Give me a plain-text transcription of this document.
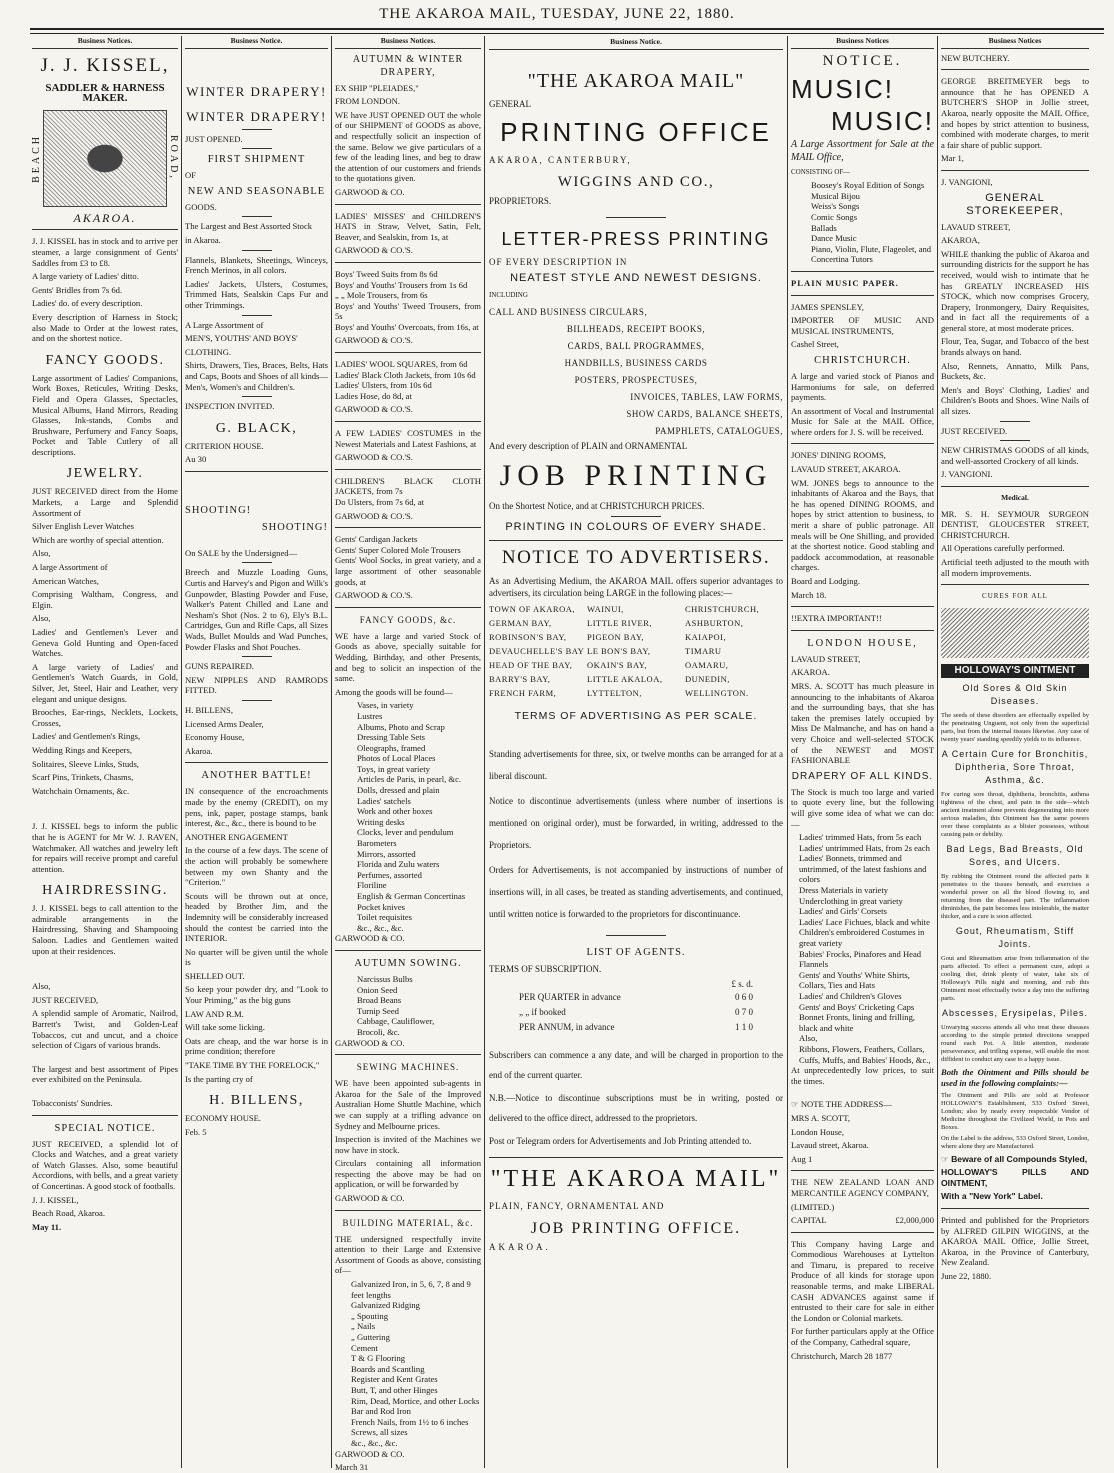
THE AKAROA MAIL, TUESDAY, JUNE 22, 1880.
Business Notices.
J. J. KISSEL,
SADDLER & HARNESS MAKER.
BEACH	ROAD,
AKAROA.

J. J. KISSEL has in stock and to arrive per steamer, a large consignment of Gents' Saddles from £3 to £8.

A large variety of Ladies' ditto.

Gents' Bridles from 7s 6d.

Ladies' do. of every description.

Every description of Harness in Stock; also Made to Order at the lowest rates, and on the shortest notice.

FANCY GOODS.

Large assortment of Ladies' Companions, Work Boxes, Reticules, Writing Desks, Field and Opera Glasses, Spectacles, Musical Albums, Hand Mirrors, Reading Glasses, Ink-stands, Combs and Brushware, Perfumery and Fancy Soaps, Pocket and Table Cutlery of all descriptions.

JEWELRY.

JUST RECEIVED direct from the Home Markets, a Large and Splendid Assortment of

Silver English Lever Watches

Which are worthy of special attention.

Also,

A large Assortment of

American Watches,

Comprising Waltham, Congress, and Elgin.

Also,

Ladies' and Gentlemen's Lever and Geneva Gold Hunting and Open-faced Watches.

A large variety of Ladies' and Gentlemen's Watch Guards, in Gold, Silver, Jet, Steel, Hair and Leather, very elegant and unique designs.

Brooches, Ear-rings, Necklets, Lockets, Crosses,

Ladies' and Gentlemen's Rings,

Wedding Rings and Keepers,

Solitaires, Sleeve Links, Studs,

Scarf Pins, Trinkets, Chasms,

Watchchain Ornaments, &c.

J. J. KISSEL begs to inform the public that he is AGENT for Mr W. J. RAVEN, Watchmaker. All watches and jewelry left for repairs will receive prompt and careful attention.

HAIRDRESSING.

J. J. KISSEL begs to call attention to the admirable arrangements in the Hairdressing, Shaving and Shampooing Saloon. Ladies and Gentlemen waited upon at their residences.

Also,

JUST RECEIVED,

A splendid sample of Aromatic, Nailrod, Barrett's Twist, and Golden-Leaf Tobaccos, cut and uncut, and a choice selection of Cigars of various brands.

The largest and best assortment of Pipes ever exhibited on the Peninsula.

Tobacconists' Sundries.

SPECIAL NOTICE.

JUST RECEIVED, a splendid lot of Clocks and Watches, and a great variety of Watch Glasses. Also, some beautiful Accordions, with bells, and a great variety of Concertinas. A good stock of footballs.

J. J. KISSEL,

Beach Road, Akaroa.

May 11.

Business Notice.
WINTER DRAPERY!
WINTER DRAPERY!

JUST OPENED.

FIRST SHIPMENT

OF

NEW AND SEASONABLE

GOODS.

The Largest and Best Assorted Stock

in Akaroa.

Flannels, Blankets, Sheetings, Winceys, French Merinos, in all colors.

Ladies' Jackets, Ulsters, Costumes, Trimmed Hats, Sealskin Caps Fur and other Trimmings.

A Large Assortment of

MEN'S, YOUTHS' AND BOYS'

CLOTHING.

Shirts, Drawers, Ties, Braces, Belts, Hats and Caps, Boots and Shoes of all kinds—Men's, Women's and Children's.

INSPECTION INVITED.

G. BLACK,

CRITERION HOUSE.

Au 30

SHOOTING!
SHOOTING!

On SALE by the Undersigned—

Breech and Muzzle Loading Guns, Curtis and Harvey's and Pigon and Wilk's Gunpowder, Blasting Powder and Fuse, Walker's Patent Chilled and Lane and Nesham's Shot (Nos. 2 to 6), Ely's B.L. Cartridges, Gun and Rifle Caps, all Sizes Wads, Bullet Moulds and Wad Punches, Powder Flasks and Shot Pouches.

GUNS REPAIRED.

NEW NIPPLES AND RAMRODS FITTED.

H. BILLENS,

Licensed Arms Dealer,

Economy House,

Akaroa.

ANOTHER BATTLE!

IN consequence of the encroachments made by the enemy (CREDIT), on my pens, ink, paper, postage stamps, bank interest, &c., &c., there is bound to be

ANOTHER ENGAGEMENT

In the course of a few days. The scene of the action will probably be somewhere between my own Shanty and the "Criterion."

Scouts will be thrown out at once, headed by Brother Jim, and the Indemnity will be considerably increased should the contest be carried into the INTERIOR.

No quarter will be given until the whole is

SHELLED OUT.

So keep your powder dry, and "Look to Your Priming," as the big guns

LAW AND R.M.

Will take some licking.

Oats are cheap, and the war horse is in prime condition; therefore

"TAKE TIME BY THE FORELOCK,"

Is the parting cry of

H. BILLENS,

ECONOMY HOUSE.

Feb. 5

Business Notices.
AUTUMN & WINTER DRAPERY,

EX SHIP "PLEIADES,"

FROM LONDON.

WE have JUST OPENED OUT the whole of our SHIPMENT of GOODS as above, and respectfully solicit an inspection of the same. Below we give particulars of a few of the leading lines, and beg to draw the attention of our customers and friends to the quotations given.

GARWOOD & CO.

LADIES' MISSES' and CHILDREN'S HATS in Straw, Velvet, Satin, Felt, Beaver, and Sealskin, from 1s, at

GARWOOD & CO.'S.

Boys' Tweed Suits from 8s 6d
Boys' and Youths' Trousers from 1s 6d
„ „ Mole Trousers, from 6s
Boys' and Youths' Tweed Trousers, from 5s
Boys' and Youths' Overcoats, from 16s, at

GARWOOD & CO.'S.

LADIES' WOOL SQUARES, from 6d
Ladies' Black Cloth Jackets, from 10s 6d
Ladies' Ulsters, from 10s 6d
Ladies Hose, do 8d, at

GARWOOD & CO.'S.

A FEW LADIES' COSTUMES in the Newest Materials and Latest Fashions, at

GARWOOD & CO.'S.

CHILDREN'S BLACK CLOTH JACKETS, from 7s
Do Ulsters, from 7s 6d, at

GARWOOD & CO.'S.

Gents' Cardigan Jackets
Gents' Super Colored Mole Trousers
Gents' Wool Socks, in great variety, and a large assortment of other seasonable goods, at

GARWOOD & CO.'S.

FANCY GOODS, &c.

WE have a large and varied Stock of Goods as above, specially suitable for Wedding, Birthday, and other Presents, and beg to solicit an inspection of the same.

Among the goods will be found—

Vases, in variety
Lustres
Albums, Photo and Scrap
Dressing Table Sets
Oleographs, framed
Photos of Local Places
Toys, in great variety
Articles de Paris, in pearl, &c.
Dolls, dressed and plain
Ladies' satchels
Work and other boxes
Writing desks
Clocks, lever and pendulum
Barometers
Mirrors, assorted
Florida and Zulu waters
Perfumes, assorted
Floriline
English & German Concertinas
Pocket knives
Toilet requisites
&c., &c., &c.

GARWOOD & CO.

AUTUMN SOWING.
Narcissus Bulbs
Onion Seed
Broad Beans
Turnip Seed
Cabbage, Cauliflower,
Brocoli, &c.

GARWOOD & CO.

SEWING MACHINES.

WE have been appointed sub-agents in Akaroa for the Sale of the Improved Australian Home Shuttle Machine, which we can supply at a trifling advance on Sydney and Melbourne prices.

Inspection is invited of the Machines we now have in stock.

Circulars containing all information respecting the above may be had on application, or will be forwarded by

GARWOOD & CO.

BUILDING MATERIAL, &c.

THE undersigned respectfully invite attention to their Large and Extensive Assortment of Goods as above, consisting of—

Galvanized Iron, in 5, 6, 7, 8 and 9 feet lengths
Galvanized Ridging
„ Spouting
„ Nails
„ Guttering
Cement
T & G Flooring
Boards and Scantling
Register and Kent Grates
Butt, T, and other Hinges
Rim, Dead, Mortice, and other Locks
Bar and Rod Iron
French Nails, from 1½ to 6 inches
Screws, all sizes
&c., &c., &c.

GARWOOD & CO.

March 31

Business Notice.
"THE AKAROA MAIL"

GENERAL

PRINTING OFFICE

AKAROA, CANTERBURY,

WIGGINS AND CO.,

PROPRIETORS.

LETTER-PRESS PRINTING

OF EVERY DESCRIPTION IN

NEATEST STYLE AND NEWEST DESIGNS.

INCLUDING

CALL AND BUSINESS CIRCULARS,
BILLHEADS, RECEIPT BOOKS,
CARDS, BALL PROGRAMMES,
HANDBILLS, BUSINESS CARDS
POSTERS, PROSPECTUSES,
INVOICES, TABLES, LAW FORMS,
SHOW CARDS, BALANCE SHEETS,
PAMPHLETS, CATALOGUES,

And every description of PLAIN and ORNAMENTAL

JOB PRINTING

On the Shortest Notice, and at CHRISTCHURCH PRICES.

PRINTING IN COLOURS OF EVERY SHADE.
NOTICE TO ADVERTISERS.

As an Advertising Medium, the AKAROA MAIL offers superior advantages to advertisers, its circulation being LARGE in the following places:—

TOWN OF AKAROA,	WAINUI,	CHRISTCHURCH,
GERMAN BAY,	LITTLE RIVER,	ASHBURTON,
ROBINSON'S BAY,	PIGEON BAY,	KAIAPOI,
DEVAUCHELLE'S BAY LE BON'S BAY,	TIMARU
HEAD OF THE BAY,	OKAIN'S BAY,	OAMARU,
BARRY'S BAY,	LITTLE AKALOA,	DUNEDIN,
FRENCH FARM,	LYTTELTON,	WELLINGTON.
TERMS OF ADVERTISING AS PER SCALE.

Standing advertisements for three, six, or twelve months can be arranged for at a liberal discount.

Notice to discontinue advertisements (unless where number of insertions is mentioned on original order), must be forwarded, in writing, addressed to the Proprietors.

Orders for Advertisements, is not accompanied by instructions of number of insertions will, in all cases, be treated as standing advertisements, and continued, until written notice is forwarded to the proprietors for discontinuance.

LIST OF AGENTS.

TERMS OF SUBSCRIPTION.

£ s. d.
PER QUARTER in advance	0 6 0
„ „ if booked	0 7 0
PER ANNUM, in advance	1 1 0

Subscribers can commence a any date, and will be charged in proportion to the end of the current quarter.

N.B.—Notice to discontinue subscriptions must be in writing, posted or delivered to the office direct, addressed to the proprietors.

Post or Telegram orders for Advertisements and Job Printing attended to.

"THE AKAROA MAIL"

PLAIN, FANCY, ORNAMENTAL AND

JOB PRINTING OFFICE.

AKAROA.

Business Notices
NOTICE.
MUSIC!
MUSIC!

A Large Assortment for Sale at the MAIL Office,

CONSISTING OF—

Boosey's Royal Edition of Songs
Musical Bijou
Weiss's Songs
Comic Songs
Ballads
Dance Music
Piano, Violin, Flute, Flageolet, and Concertina Tutors

PLAIN MUSIC PAPER.

JAMES SPENSLEY,

IMPORTER OF MUSIC AND MUSICAL INSTRUMENTS,

Cashel Street,

CHRISTCHURCH.

A large and varied stock of Pianos and Harmoniums for sale, on deferred payments.

An assortment of Vocal and Instrumental Music for Sale at the MAIL Office, where orders for J. S. will be received.

JONES' DINING ROOMS,

LAVAUD STREET, AKAROA.

WM. JONES begs to announce to the inhabitants of Akaroa and the Bays, that he has opened DINING ROOMS, and hopes by strict attention to business, to merit a share of public patronage. All meals will be One Shilling, and provided at the shortest notice. Good stabling and paddock accommodation, at reasonable charges.

Board and Lodging.

March 18.

!!EXTRA IMPORTANT!!

LONDON HOUSE,

LAVAUD STREET,

AKAROA.

MRS. A. SCOTT has much pleasure in announcing to the inhabitants of Akaroa and the surrounding bays, that she has taken the premises lately occupied by Miss De Malmanche, and has on hand a very Choice and well-selected STOCK of the NEWEST and MOST FASHIONABLE

DRAPERY OF ALL KINDS.

The Stock is much too large and varied to quote every line, but the following will give some idea of what we can do:—

Ladies' trimmed Hats, from 5s each
Ladies' untrimmed Hats, from 2s each
Ladies' Bonnets, trimmed and untrimmed, of the latest fashions and colors
Dress Materials in variety
Underclothing in great variety
Ladies' and Girls' Corsets
Ladies' Lace Fichues, black and white
Children's embroidered Costumes in great variety
Babies' Frocks, Pinafores and Head Flannels
Gents' and Youths' White Shirts, Collars, Ties and Hats
Ladies' and Children's Gloves
Gents' and Boys' Cricketing Caps
Bonnet Fronts, lining and frilling, black and white
Also,
Ribbons, Flowers, Feathers, Collars, Cuffs, Muffs, and Babies' Hoods, &c.,

At unprecedentedly low prices, to suit the times.

☞ NOTE THE ADDRESS—

MRS A. SCOTT,

London House,

Lavaud street, Akaroa.

Aug 1

THE NEW ZEALAND LOAN AND MERCANTILE AGENCY COMPANY,

(LIMITED.)

CAPITAL	£2,000,000

This Company having Large and Commodious Warehouses at Lyttelton and Timaru, is prepared to receive Produce of all kinds for storage upon reasonable terms, and make LIBERAL CASH ADVANCES against same if entrusted to their care for sale in either the London or Colonial markets.

For further particulars apply at the Office of the Company, Cathedral square,

Christchurch, March 28 1877

Business Notices

NEW BUTCHERY.

GEORGE BREITMEYER begs to announce that he has OPENED A BUTCHER'S SHOP in Jollie street, Akaroa, nearly opposite the MAIL Office, and hopes by strict attention to business, combined with moderate charges, to merit a fair share of public support.

Mar 1,

J. VANGIONI,

GENERAL STOREKEEPER,

LAVAUD STREET,

AKAROA,

WHILE thanking the public of Akaroa and surrounding districts for the support he has received, would wish to intimate that he has GREATLY INCREASED HIS STOCK, which now comprises Grocery, Drapery, Ironmongery, Dairy Requisites, and in fact all the requirements of a general store, at most moderate prices.

Flour, Tea, Sugar, and Tobacco of the best brands always on hand.

Also, Rennets, Annatto, Milk Pans, Buckets, &c.

Men's and Boys' Clothing, Ladies' and Children's Boots and Shoes. Wine Nails of all sizes.

JUST RECEIVED.

NEW CHRISTMAS GOODS of all kinds, and well-assorted Crockery of all kinds.

J. VANGIONI.

Medical.

MR. S. H. SEYMOUR SURGEON DENTIST, GLOUCESTER STREET, CHRISTCHURCH.

All Operations carefully performed.

Artificial teeth adjusted to the mouth with all modern improvements.

CURES FOR ALL
HOLLOWAY'S OINTMENT
Old Sores & Old Skin Diseases.

The seeds of these disorders are effectually expelled by the penetrating Unguent, not only from the superficial parts, but from the internal tissues likewise. Any case of twenty years' standing speedily yields to its influence.

A Certain Cure for Bronchitis, Diphtheria, Sore Throat, Asthma, &c.

For curing sore throat, diphtheria, bronchitis, asthma tightness of the chest, and pain in the side—which ancient treatment alone prevents degenerating into more serious maladies, this Ointment has the same powers over these complaints as a blister possesses, without causing pain or debility.

Bad Legs, Bad Breasts, Old Sores, and Ulcers.

By rubbing the Ointment round the affected parts it penetrates to the tissues beneath, and exercises a wonderful power on all the blood flowing to, and returning from the diseased part. The inflammation diminishes, the pain becomes less intolerable, the matter thicker, and a cure is soon affected.

Gout, Rheumatism, Stiff Joints.

Gout and Rheumatism arise from inflammation of the parts affected. To effect a permanent cure, adopt a cooling diet, drink plenty of water, take six of Holloway's Pills night and morning, and rub this Ointment most effectually twice a day into the suffering parts.

Abscesses, Erysipelas, Piles.

Unvarying success attends all who treat these diseases according to the simple printed directions wrapped round each Pot. A little attention, moderate perseverance, and trifling expense, will enable the most diffident to conduct any case to a happy issue.

Both the Ointment and Pills should be used in the following complaints:—

The Ointment and Pills are sold at Professor HOLLOWAY'S Establishment, 533 Oxford Street, London; also by nearly every respectable Vendor of Medicine throughout the Civilized World, in Pots and Boxes.

On the Label is the address, 533 Oxford Street, London, where alone they are Manufactured.

☞ Beware of all Compounds Styled,

HOLLOWAY'S PILLS AND OINTMENT,

With a "New York" Label.

Printed and published for the Proprietors by ALFRED GILPIN WIGGINS, at the AKAROA MAIL Office, Jollie Street, Akaroa, in the Province of Canterbury, New Zealand.

June 22, 1880.
